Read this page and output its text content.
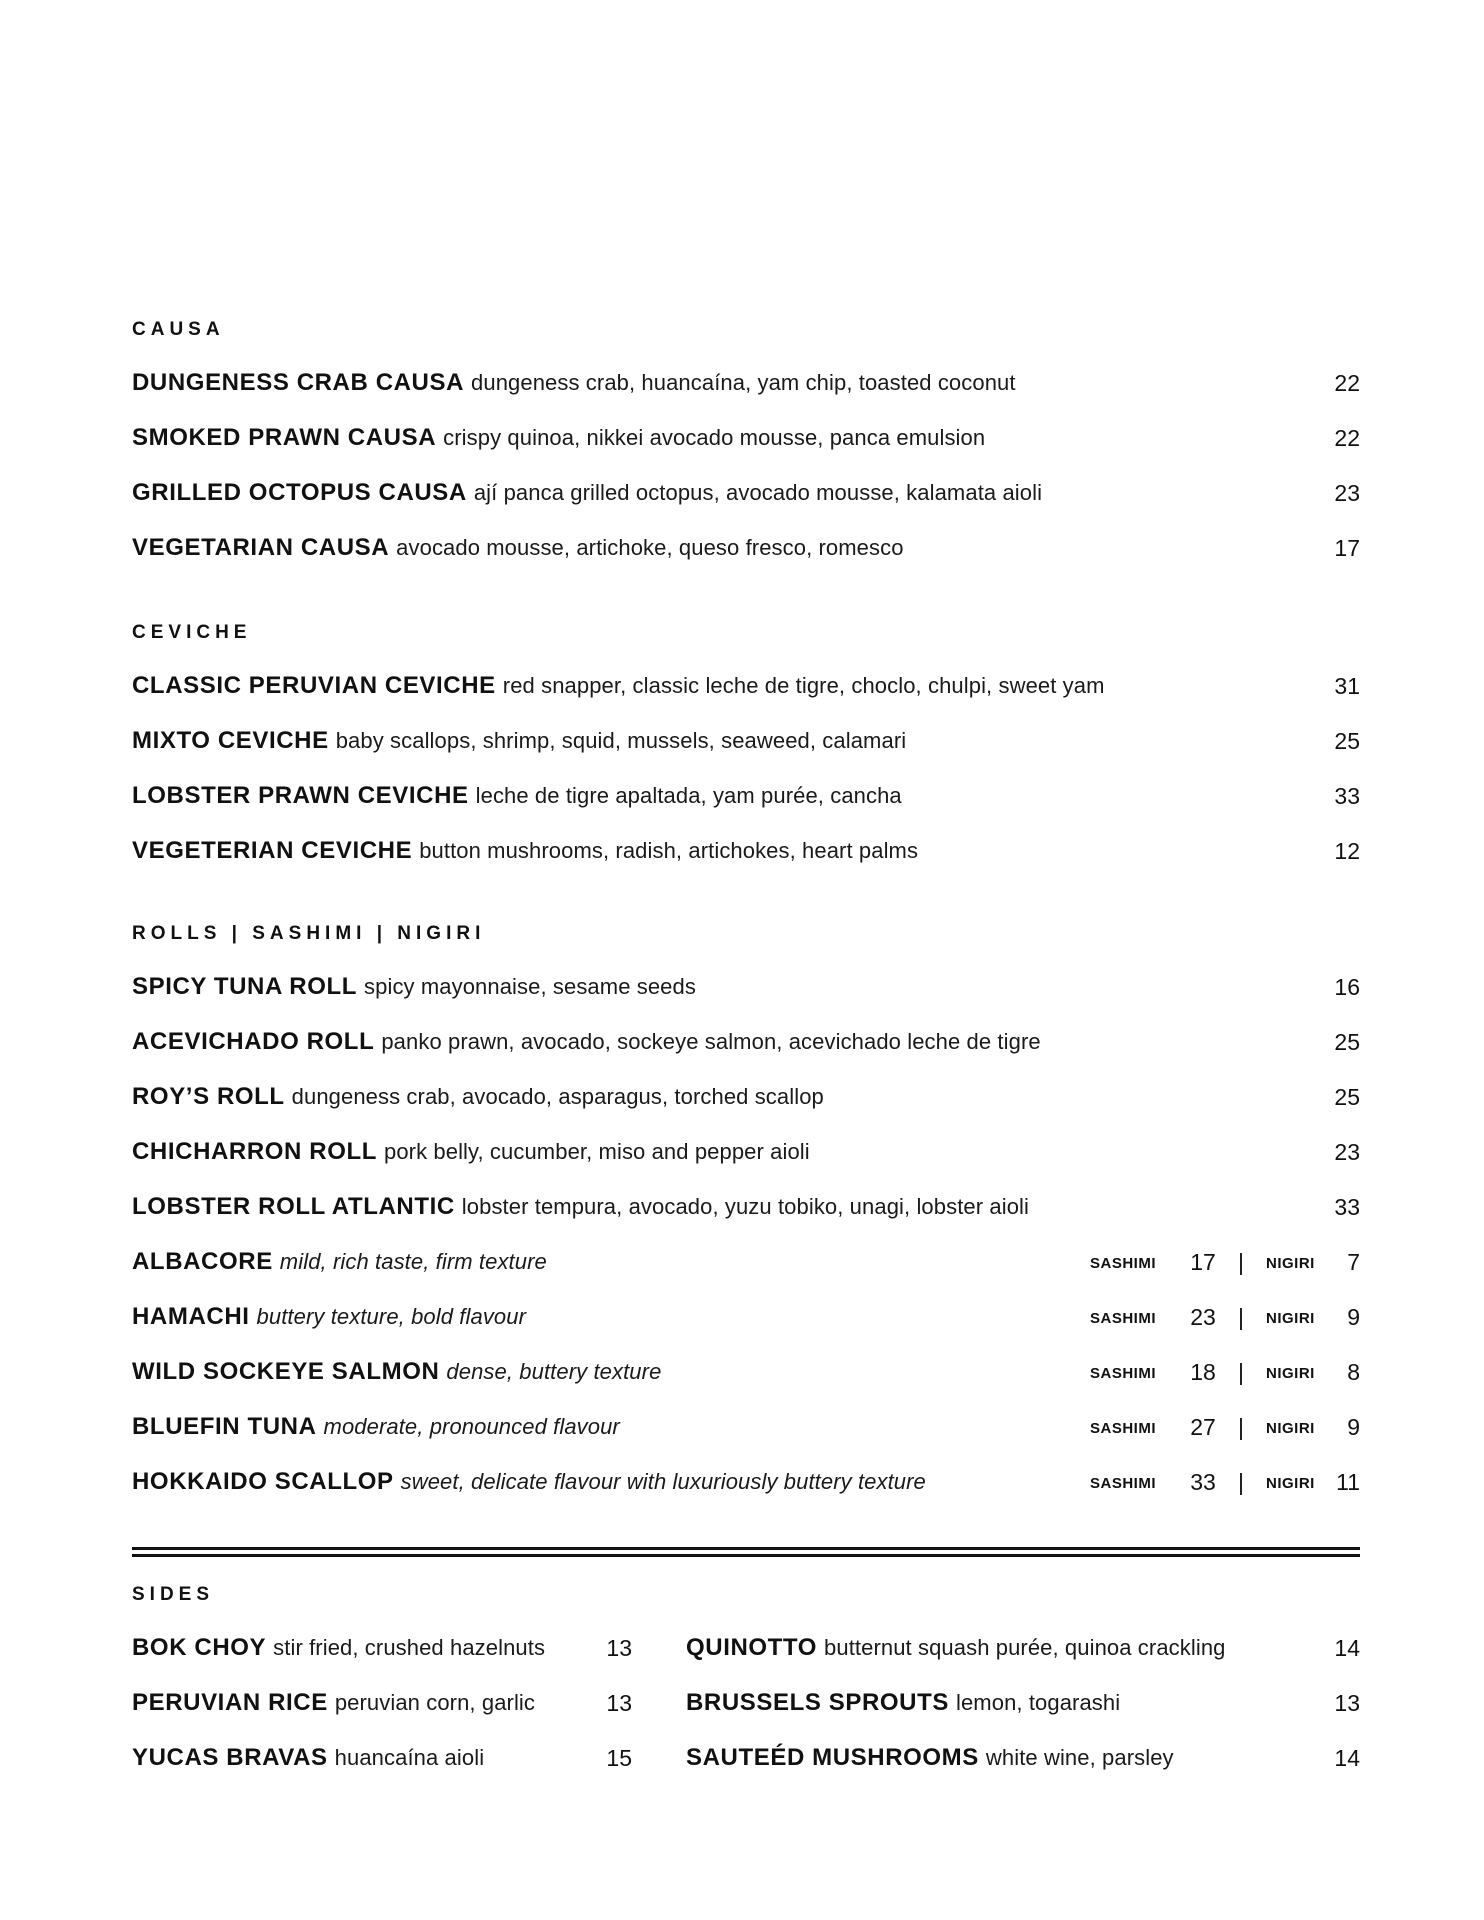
CAUSA
DUNGENESS CRAB CAUSA dungeness crab, huancaína, yam chip, toasted coconut	22
SMOKED PRAWN CAUSA crispy quinoa, nikkei avocado mousse, panca emulsion	22
GRILLED OCTOPUS CAUSA ají panca grilled octopus, avocado mousse, kalamata aioli	23
VEGETARIAN CAUSA avocado mousse, artichoke, queso fresco, romesco	17
CEVICHE
CLASSIC PERUVIAN CEVICHE red snapper, classic leche de tigre, choclo, chulpi, sweet yam	31
MIXTO CEVICHE baby scallops, shrimp, squid, mussels, seaweed, calamari	25
LOBSTER PRAWN CEVICHE leche de tigre apaltada, yam purée, cancha	33
VEGETERIAN CEVICHE button mushrooms, radish, artichokes, heart palms	12
ROLLS | SASHIMI | NIGIRI
SPICY TUNA ROLL spicy mayonnaise, sesame seeds	16
ACEVICHADO ROLL panko prawn, avocado, sockeye salmon, acevichado leche de tigre	25
ROY’S ROLL dungeness crab, avocado, asparagus, torched scallop	25
CHICHARRON ROLL pork belly, cucumber, miso and pepper aioli	23
LOBSTER ROLL ATLANTIC lobster tempura, avocado, yuzu tobiko, unagi, lobster aioli	33
ALBACORE mild, rich taste, firm texture	SASHIMI	17 | NIGIRI 7
HAMACHI buttery texture, bold flavour	SASHIMI	23 | NIGIRI 9
WILD SOCKEYE SALMON dense, buttery texture	SASHIMI	18 | NIGIRI 8
BLUEFIN TUNA moderate, pronounced flavour	SASHIMI	27 | NIGIRI 9
HOKKAIDO SCALLOP sweet, delicate flavour with luxuriously buttery texture	SASHIMI	33 | NIGIRI 11
SIDES
BOK CHOY stir fried, crushed hazelnuts	13
PERUVIAN RICE peruvian corn, garlic	13
YUCAS BRAVAS huancaína aioli	15
QUINOTTO butternut squash purée, quinoa crackling	14
BRUSSELS SPROUTS lemon, togarashi	13
SAUTEÉD MUSHROOMS white wine, parsley	14
